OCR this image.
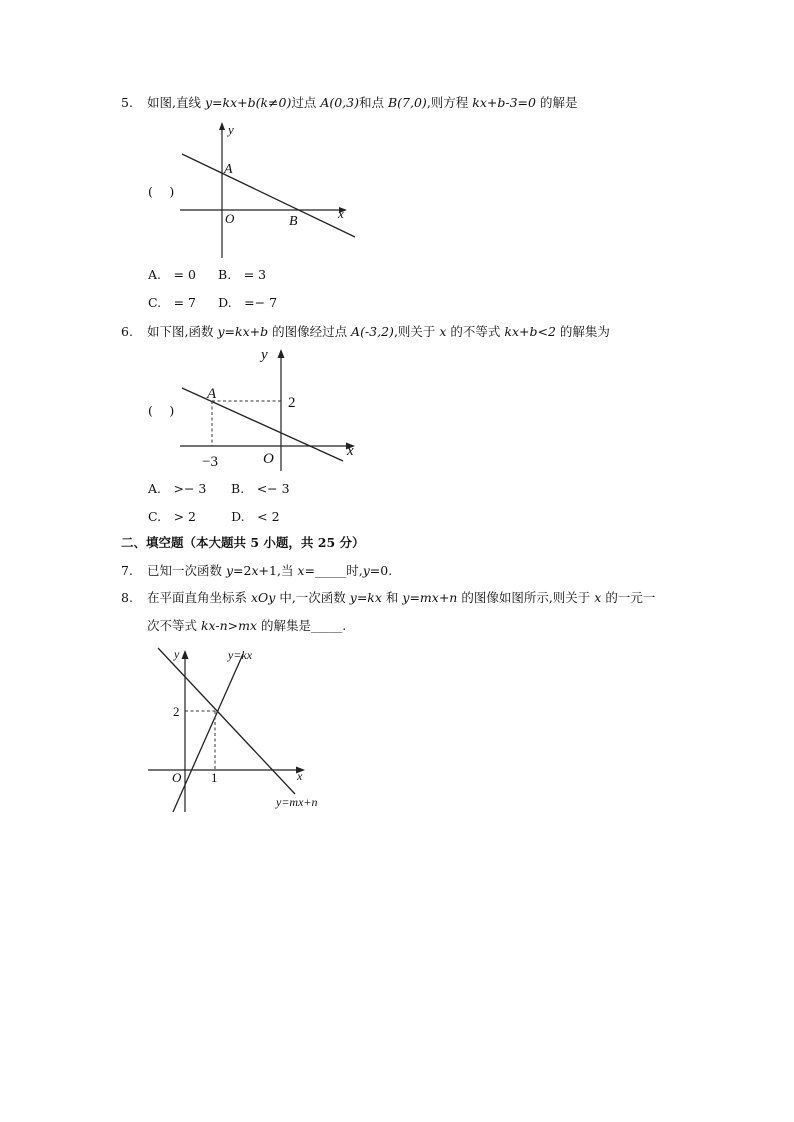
5. 如图,直线 y=kx+b(k≠0)过点 A(0,3)和点 B(7,0),则方程 kx+b-3=0 的解是
(　 )
y
x
O
A
B
A.　= 0 B.　= 3
C.　= 7 D.　=− 7
6. 如下图,函数 y=kx+b 的图像经过点 A(-3,2),则关于 x 的不等式 kx+b<2 的解集为
(　 )
y
x
O
A
2
−3
A.　>− 3 B.　<− 3
C.　> 2	D.　< 2
二、填空题（本大题共 5 小题，共 25 分）
7. 已知一次函数 y=2x+1,当 x=_____时,y=0.
8. 在平面直角坐标系 xOy 中,一次函数 y=kx 和 y=mx+n 的图像如图所示,则关于 x 的一元一
次不等式 kx-n>mx 的解集是_____.
y
x
O
2
1
y=kx
y=mx+n
